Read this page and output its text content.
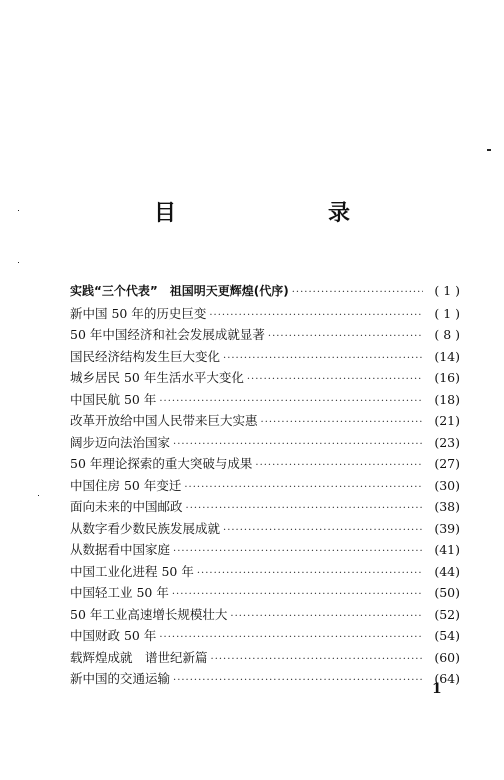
目　　录
实践“三个代表”　祖国明天更辉煌(代序) ·····	( 1 )
新中国 50 年的历史巨变 ·····	( 1 )
50 年中国经济和社会发展成就显著 ·····	( 8 )
国民经济结构发生巨大变化 ·····	(14)
城乡居民 50 年生活水平大变化 ·····	(16)
中国民航 50 年 ·····	(18)
改革开放给中国人民带来巨大实惠 ·····	(21)
阔步迈向法治国家 ·····	(23)
50 年理论探索的重大突破与成果 ·····	(27)
中国住房 50 年变迁 ·····	(30)
面向未来的中国邮政 ·····	(38)
从数字看少数民族发展成就 ·····	(39)
从数据看中国家庭 ·····	(41)
中国工业化进程 50 年 ·····	(44)
中国轻工业 50 年 ·····	(50)
50 年工业高速增长规模壮大 ·····	(52)
中国财政 50 年 ·····	(54)
载辉煌成就　谱世纪新篇 ·····	(60)
新中国的交通运输 ·····	(64)
1
